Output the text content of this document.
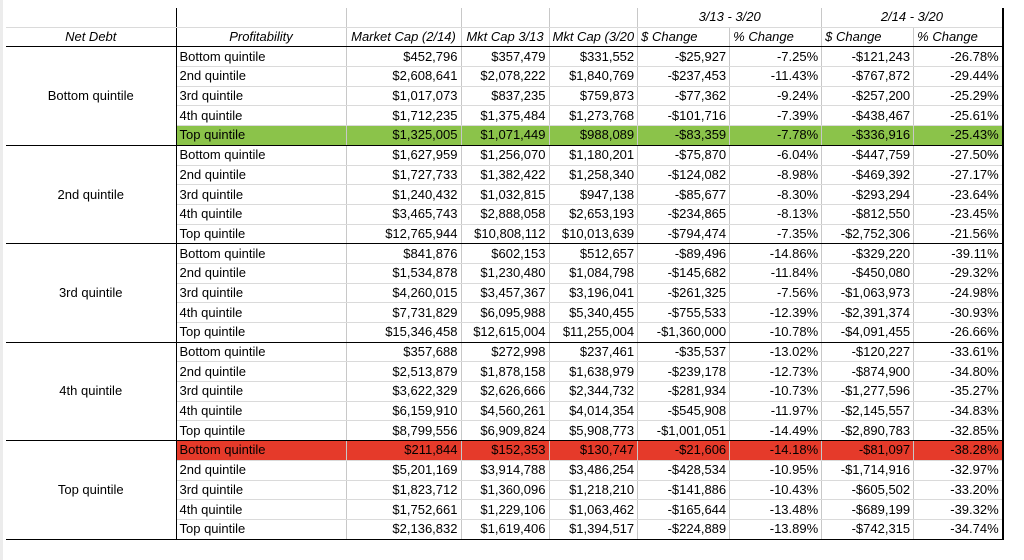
					3/13 - 3/20		2/14 - 3/20	
Net Debt	Profitability	Market Cap (2/14)	Mkt Cap 3/13	Mkt Cap (3/20	$ Change	% Change	$ Change	% Change
Bottom quintile	Bottom quintile	$452,796	$357,479	$331,552	-$25,927	-7.25%	-$121,243	-26.78%
	2nd quintile	$2,608,641	$2,078,222	$1,840,769	-$237,453	-11.43%	-$767,872	-29.44%
	3rd quintile	$1,017,073	$837,235	$759,873	-$77,362	-9.24%	-$257,200	-25.29%
	4th quintile	$1,712,235	$1,375,484	$1,273,768	-$101,716	-7.39%	-$438,467	-25.61%
	Top quintile	$1,325,005	$1,071,449	$988,089	-$83,359	-7.78%	-$336,916	-25.43%
2nd quintile	Bottom quintile	$1,627,959	$1,256,070	$1,180,201	-$75,870	-6.04%	-$447,759	-27.50%
	2nd quintile	$1,727,733	$1,382,422	$1,258,340	-$124,082	-8.98%	-$469,392	-27.17%
	3rd quintile	$1,240,432	$1,032,815	$947,138	-$85,677	-8.30%	-$293,294	-23.64%
	4th quintile	$3,465,743	$2,888,058	$2,653,193	-$234,865	-8.13%	-$812,550	-23.45%
	Top quintile	$12,765,944	$10,808,112	$10,013,639	-$794,474	-7.35%	-$2,752,306	-21.56%
3rd quintile	Bottom quintile	$841,876	$602,153	$512,657	-$89,496	-14.86%	-$329,220	-39.11%
	2nd quintile	$1,534,878	$1,230,480	$1,084,798	-$145,682	-11.84%	-$450,080	-29.32%
	3rd quintile	$4,260,015	$3,457,367	$3,196,041	-$261,325	-7.56%	-$1,063,973	-24.98%
	4th quintile	$7,731,829	$6,095,988	$5,340,455	-$755,533	-12.39%	-$2,391,374	-30.93%
	Top quintile	$15,346,458	$12,615,004	$11,255,004	-$1,360,000	-10.78%	-$4,091,455	-26.66%
4th quintile	Bottom quintile	$357,688	$272,998	$237,461	-$35,537	-13.02%	-$120,227	-33.61%
	2nd quintile	$2,513,879	$1,878,158	$1,638,979	-$239,178	-12.73%	-$874,900	-34.80%
	3rd quintile	$3,622,329	$2,626,666	$2,344,732	-$281,934	-10.73%	-$1,277,596	-35.27%
	4th quintile	$6,159,910	$4,560,261	$4,014,354	-$545,908	-11.97%	-$2,145,557	-34.83%
	Top quintile	$8,799,556	$6,909,824	$5,908,773	-$1,001,051	-14.49%	-$2,890,783	-32.85%
Top quintile	Bottom quintile	$211,844	$152,353	$130,747	-$21,606	-14.18%	-$81,097	-38.28%
	2nd quintile	$5,201,169	$3,914,788	$3,486,254	-$428,534	-10.95%	-$1,714,916	-32.97%
	3rd quintile	$1,823,712	$1,360,096	$1,218,210	-$141,886	-10.43%	-$605,502	-33.20%
	4th quintile	$1,752,661	$1,229,106	$1,063,462	-$165,644	-13.48%	-$689,199	-39.32%
	Top quintile	$2,136,832	$1,619,406	$1,394,517	-$224,889	-13.89%	-$742,315	-34.74%
